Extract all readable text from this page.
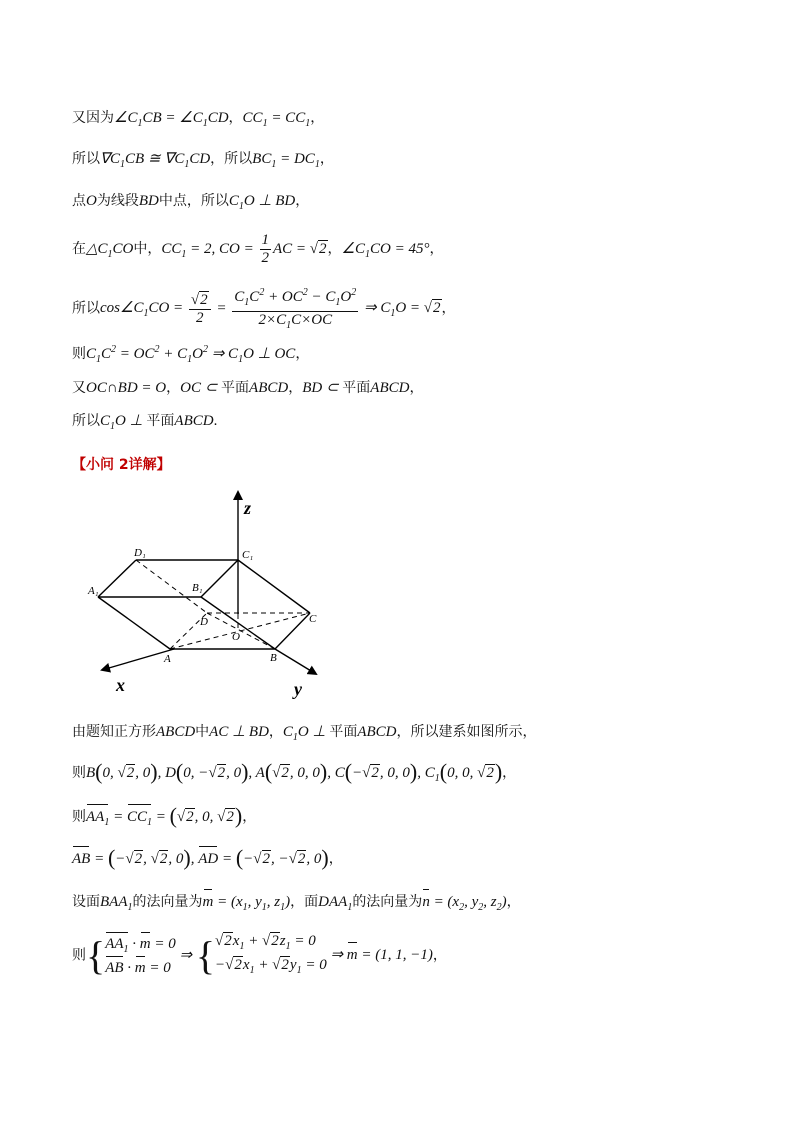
又因为$\angle C_1CB$ = $\angle C_1CD$，$CC_1 = CC_1$，
所以$\nabla C_1CB$ ≅ $\nabla C_1CD$，所以$BC_1 = DC_1$，
点O为线段BD中点，所以$C_1O$ ⊥ BD，
在$\triangle C_1CO$中，$CC_1 = 2$, CO = $\frac{1}{2}$ AC = √2，$\angle C_1CO = 45^\circ$，
所以$\cos\angle C_1CO = \frac{√2}{2} = \frac{C_1C^2 + OC^2 - C_1O^2}{2\times C_1C\times OC}$ ⇒ $C_1O = √2$，
则$C_1C^2 = OC^2 + C_1O^2$ ⇒ $C_1O$ ⊥ OC，
又OC∩BD = O，OC ⊂ 平面ABCD，BD ⊂ 平面ABCD，
所以$C_1O$ ⊥ 平面ABCD.
【小问 2详解】
D₁	C₁
A₁	B₁
D
O
C
A	B
z
x	y
由题知正方形ABCD中AC ⊥ BD，$C_1O$ ⊥ 平面ABCD，所以建系如图所示，
则B(0, √2, 0), D(0, −√2, 0), A(√2, 0, 0), C(−√2, 0, 0), $C_1(0$, 0, √2)，
则$AA_1 = CC_1 = (√2$, 0, √2)，
AB = (−√2, √2, 0), AD = (−√2, −√2, 0)，
设面$BAA_1$的法向量为$m = (x_1$, $y_1$, $z_1$)，面$DAA_1$的法向量为$n = (x_2$, $y_2$, $z_2$)，
则{ $AA_1 \cdot m = 0$
AB · m = 0
⇒ { $√2x_1 + √2z_1 = 0$
$-√2x_1 + √2y_1 = 0$
⇒ m = (1, 1, −1)，
